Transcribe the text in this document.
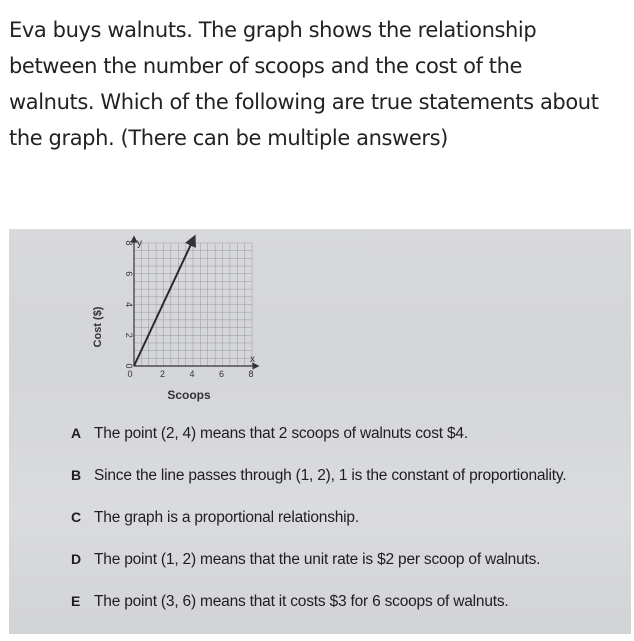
Eva buys walnuts. The graph shows the relationship between the number of scoops and the cost of the walnuts. Which of the following are true statements about the graph. (There can be multiple answers)

y
x
0	2	4	6	8
0
2
4
6
8
Cost ($)
Scoops
A The point (2, 4) means that 2 scoops of walnuts cost $4.
B Since the line passes through (1, 2), 1 is the constant of proportionality.
C The graph is a proportional relationship.
D The point (1, 2) means that the unit rate is $2 per scoop of walnuts.
E The point (3, 6) means that it costs $3 for 6 scoops of walnuts.
